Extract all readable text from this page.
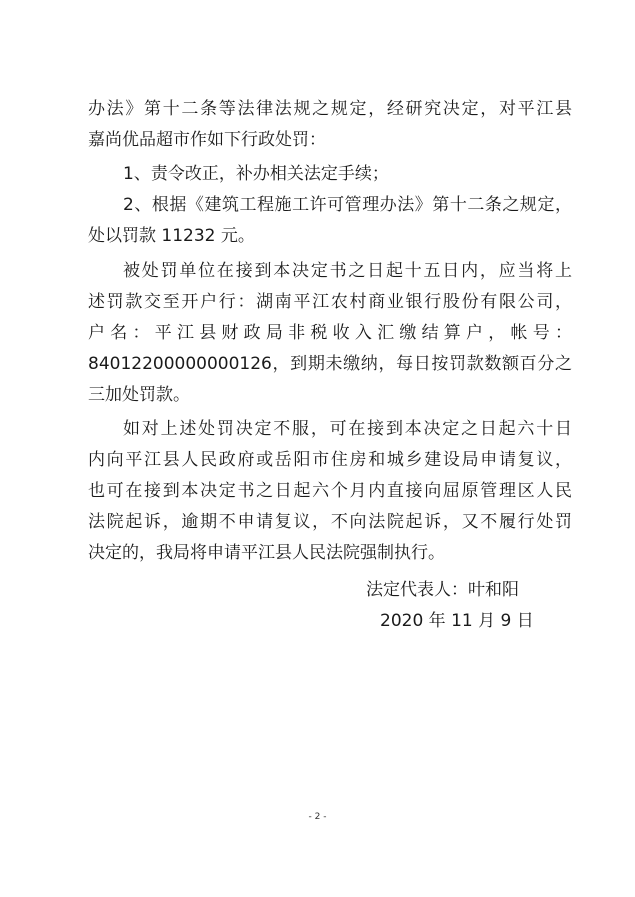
办法》第十二条等法律法规之规定，经研究决定，对平江县
嘉尚优品超市作如下行政处罚：
1、责令改正，补办相关法定手续；
2、根据《建筑工程施工许可管理办法》第十二条之规定，
处以罚款 11232 元。
被处罚单位在接到本决定书之日起十五日内，应当将上
述罚款交至开户行：湖南平江农村商业银行股份有限公司，
户名：平江县财政局非税收入汇缴结算户，帐号：
84012200000000126，到期未缴纳，每日按罚款数额百分之
三加处罚款。
如对上述处罚决定不服，可在接到本决定之日起六十日
内向平江县人民政府或岳阳市住房和城乡建设局申请复议，
也可在接到本决定书之日起六个月内直接向屈原管理区人民
法院起诉，逾期不申请复议，不向法院起诉，又不履行处罚
决定的，我局将申请平江县人民法院强制执行。
法定代表人：叶和阳
2020 年 11 月 9 日
- 2 -
